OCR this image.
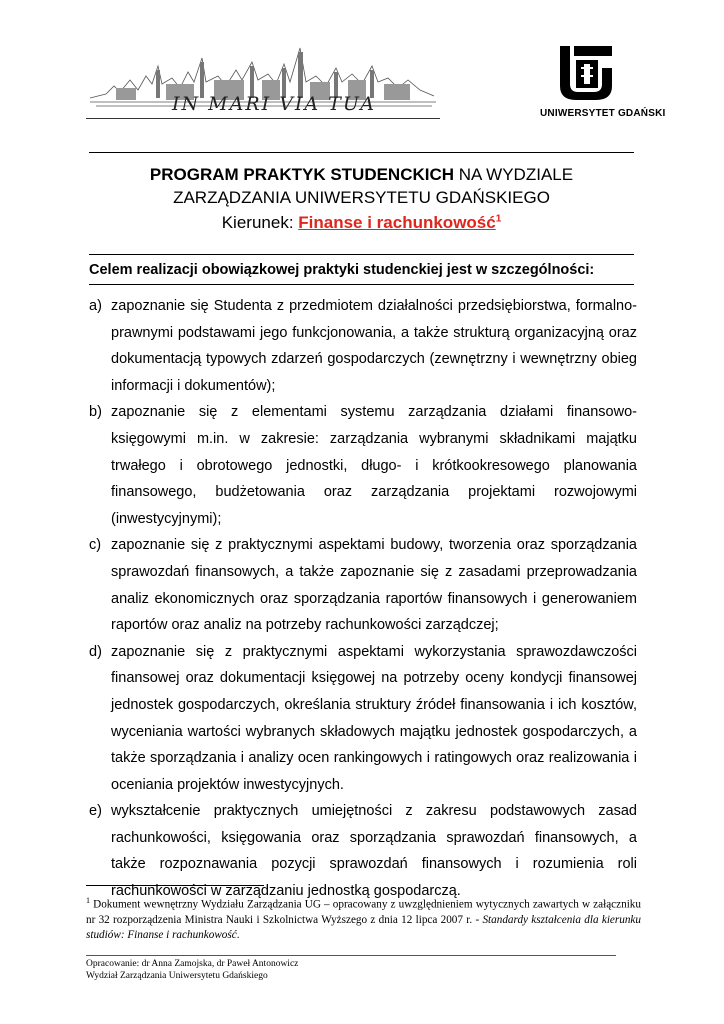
IN MARI VIA TUA	UNIWERSYTET GDAŃSKI
PROGRAM PRAKTYK STUDENCKICH NA WYDZIALE
ZARZĄDZANIA UNIWERSYTETU GDAŃSKIEGO
Kierunek: Finanse i rachunkowość$^1$
Celem realizacji obowiązkowej praktyki studenckiej jest w szczególności:
a) zapoznanie się Studenta z przedmiotem działalności przedsiębiorstwa, formalno-prawnymi podstawami jego funkcjonowania, a także strukturą organizacyjną oraz dokumentacją typowych zdarzeń gospodarczych (zewnętrzny i wewnętrzny obieg informacji i dokumentów);
b) zapoznanie się z elementami systemu zarządzania działami finansowo-księgowymi m.in. w zakresie: zarządzania wybranymi składnikami majątku trwałego i obrotowego jednostki, długo- i krótkookresowego planowania finansowego, budżetowania oraz zarządzania projektami rozwojowymi (inwestycyjnymi);
c) zapoznanie się z praktycznymi aspektami budowy, tworzenia oraz sporządzania sprawozdań finansowych, a także zapoznanie się z zasadami przeprowadzania analiz ekonomicznych oraz sporządzania raportów finansowych i generowaniem raportów oraz analiz na potrzeby rachunkowości zarządczej;
d) zapoznanie się z praktycznymi aspektami wykorzystania sprawozdawczości finansowej oraz dokumentacji księgowej na potrzeby oceny kondycji finansowej jednostek gospodarczych, określania struktury źródeł finansowania i ich kosztów, wyceniania wartości wybranych składowych majątku jednostek gospodarczych, a także sporządzania i analizy ocen rankingowych i ratingowych oraz realizowania i oceniania projektów inwestycyjnych.
e) wykształcenie praktycznych umiejętności z zakresu podstawowych zasad rachunkowości, księgowania oraz sporządzania sprawozdań finansowych, a także rozpoznawania pozycji sprawozdań finansowych i rozumienia roli rachunkowości w zarządzaniu jednostką gospodarczą.
$^1$ Dokument wewnętrzny Wydziału Zarządzania UG – opracowany z uwzględnieniem wytycznych zawartych w załączniku nr 32 rozporządzenia Ministra Nauki i Szkolnictwa Wyższego z dnia 12 lipca 2007 r. - Standardy kształcenia dla kierunku studiów: Finanse i rachunkowość.
Opracowanie: dr Anna Zamojska, dr Paweł Antonowicz
Wydział Zarządzania Uniwersytetu Gdańskiego
